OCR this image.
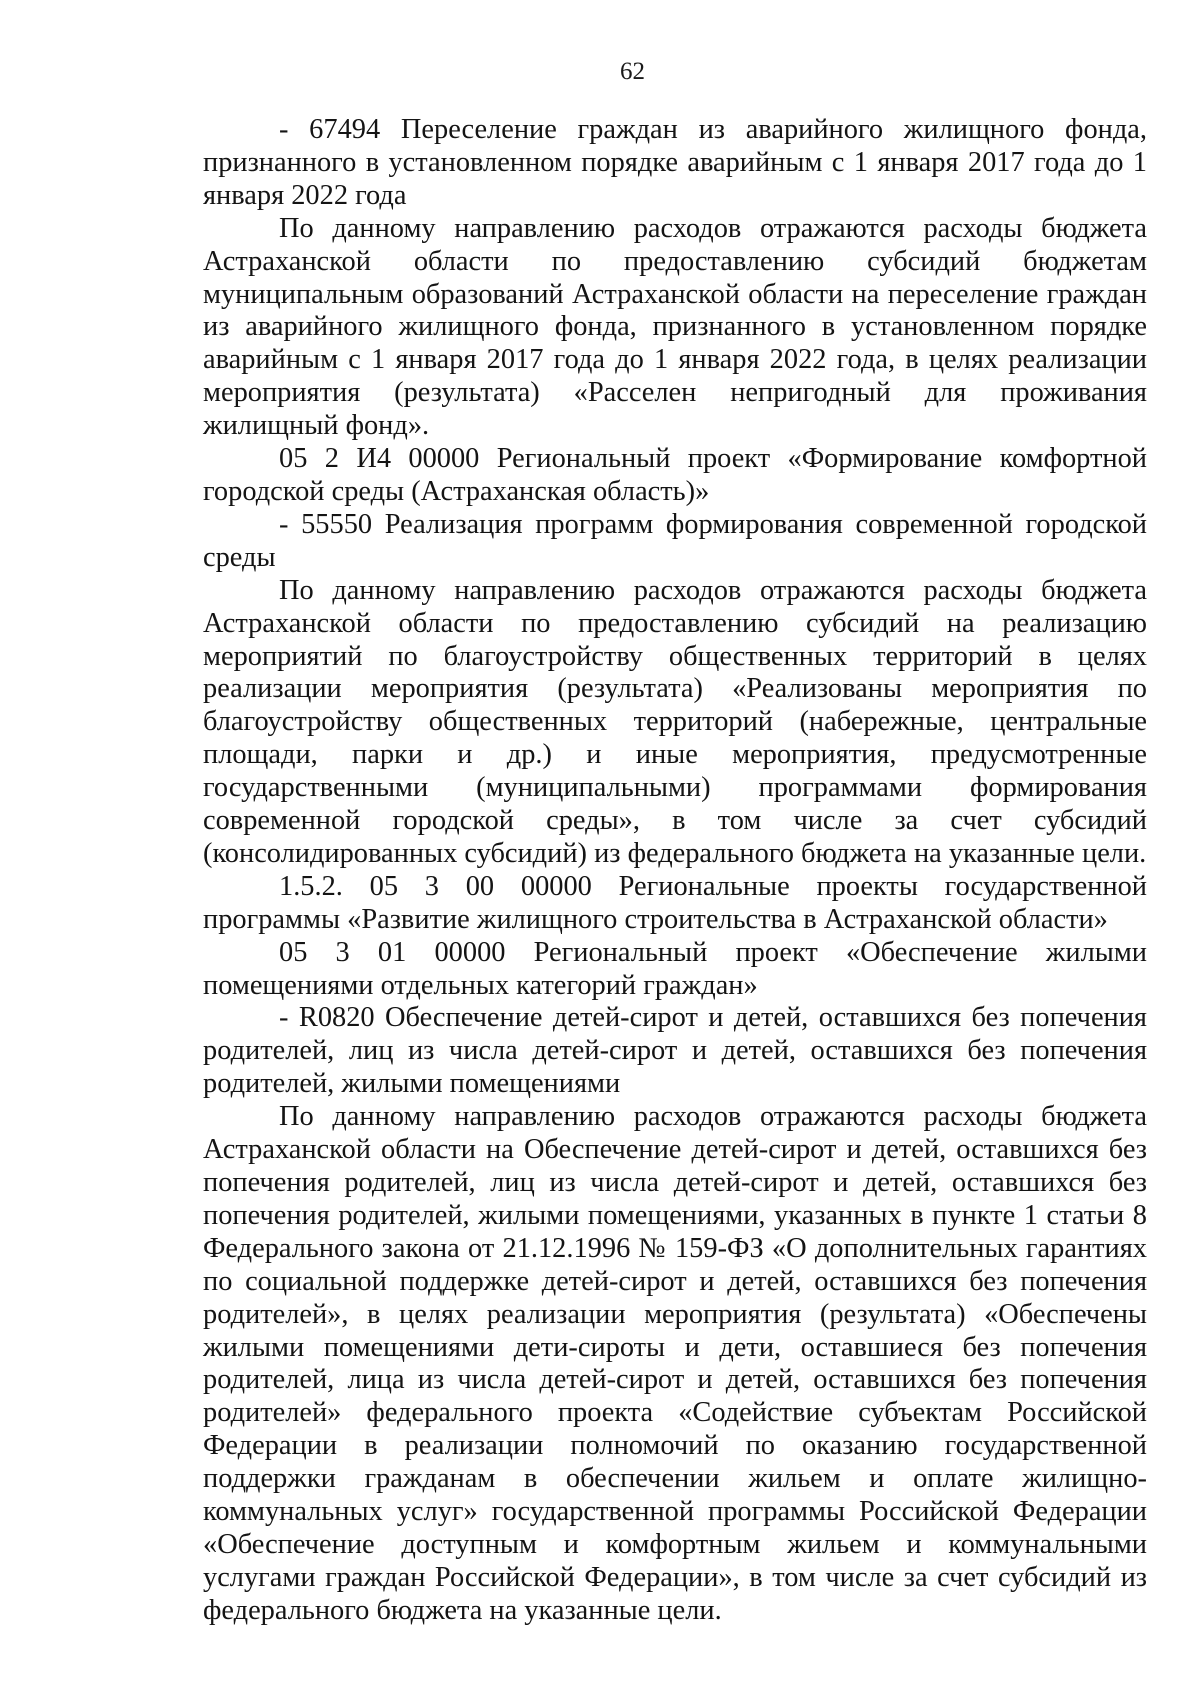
62

- 67494 Переселение граждан из аварийного жилищного фонда, признанного в установленном порядке аварийным с 1 января 2017 года до 1 января 2022 года

По данному направлению расходов отражаются расходы бюджета Астраханской области по предоставлению субсидий бюджетам муниципальным образований Астраханской области на переселение граждан из аварийного жилищного фонда, признанного в установленном порядке аварийным с 1 января 2017 года до 1 января 2022 года, в целях реализации мероприятия (результата) «Расселен непригодный для проживания жилищный фонд».

05 2 И4 00000 Региональный проект «Формирование комфортной городской среды (Астраханская область)»

- 55550 Реализация программ формирования современной городской среды

По данному направлению расходов отражаются расходы бюджета Астраханской области по предоставлению субсидий на реализацию мероприятий по благоустройству общественных территорий в целях реализации мероприятия (результата) «Реализованы мероприятия по благоустройству общественных территорий (набережные, центральные площади, парки и др.) и иные мероприятия, предусмотренные государственными (муниципальными) программами формирования современной городской среды», в том числе за счет субсидий (консолидированных субсидий) из федерального бюджета на указанные цели.

1.5.2. 05 3 00 00000 Региональные проекты государственной программы «Развитие жилищного строительства в Астраханской области»

05 3 01 00000 Региональный проект «Обеспечение жилыми помещениями отдельных категорий граждан»

- R0820 Обеспечение детей-сирот и детей, оставшихся без попечения родителей, лиц из числа детей-сирот и детей, оставшихся без попечения родителей, жилыми помещениями

По данному направлению расходов отражаются расходы бюджета Астраханской области на Обеспечение детей-сирот и детей, оставшихся без попечения родителей, лиц из числа детей-сирот и детей, оставшихся без попечения родителей, жилыми помещениями, указанных в пункте 1 статьи 8 Федерального закона от 21.12.1996 № 159-ФЗ «О дополнительных гарантиях по социальной поддержке детей-сирот и детей, оставшихся без попечения родителей», в целях реализации мероприятия (результата) «Обеспечены жилыми помещениями дети-сироты и дети, оставшиеся без попечения родителей, лица из числа детей-сирот и детей, оставшихся без попечения родителей» федерального проекта «Содействие субъектам Российской Федерации в реализации полномочий по оказанию государственной поддержки гражданам в обеспечении жильем и оплате жилищно-коммунальных услуг» государственной программы Российской Федерации «Обеспечение доступным и комфортным жильем и коммунальными услугами граждан Российской Федерации», в том числе за счет субсидий из федерального бюджета на указанные цели.
